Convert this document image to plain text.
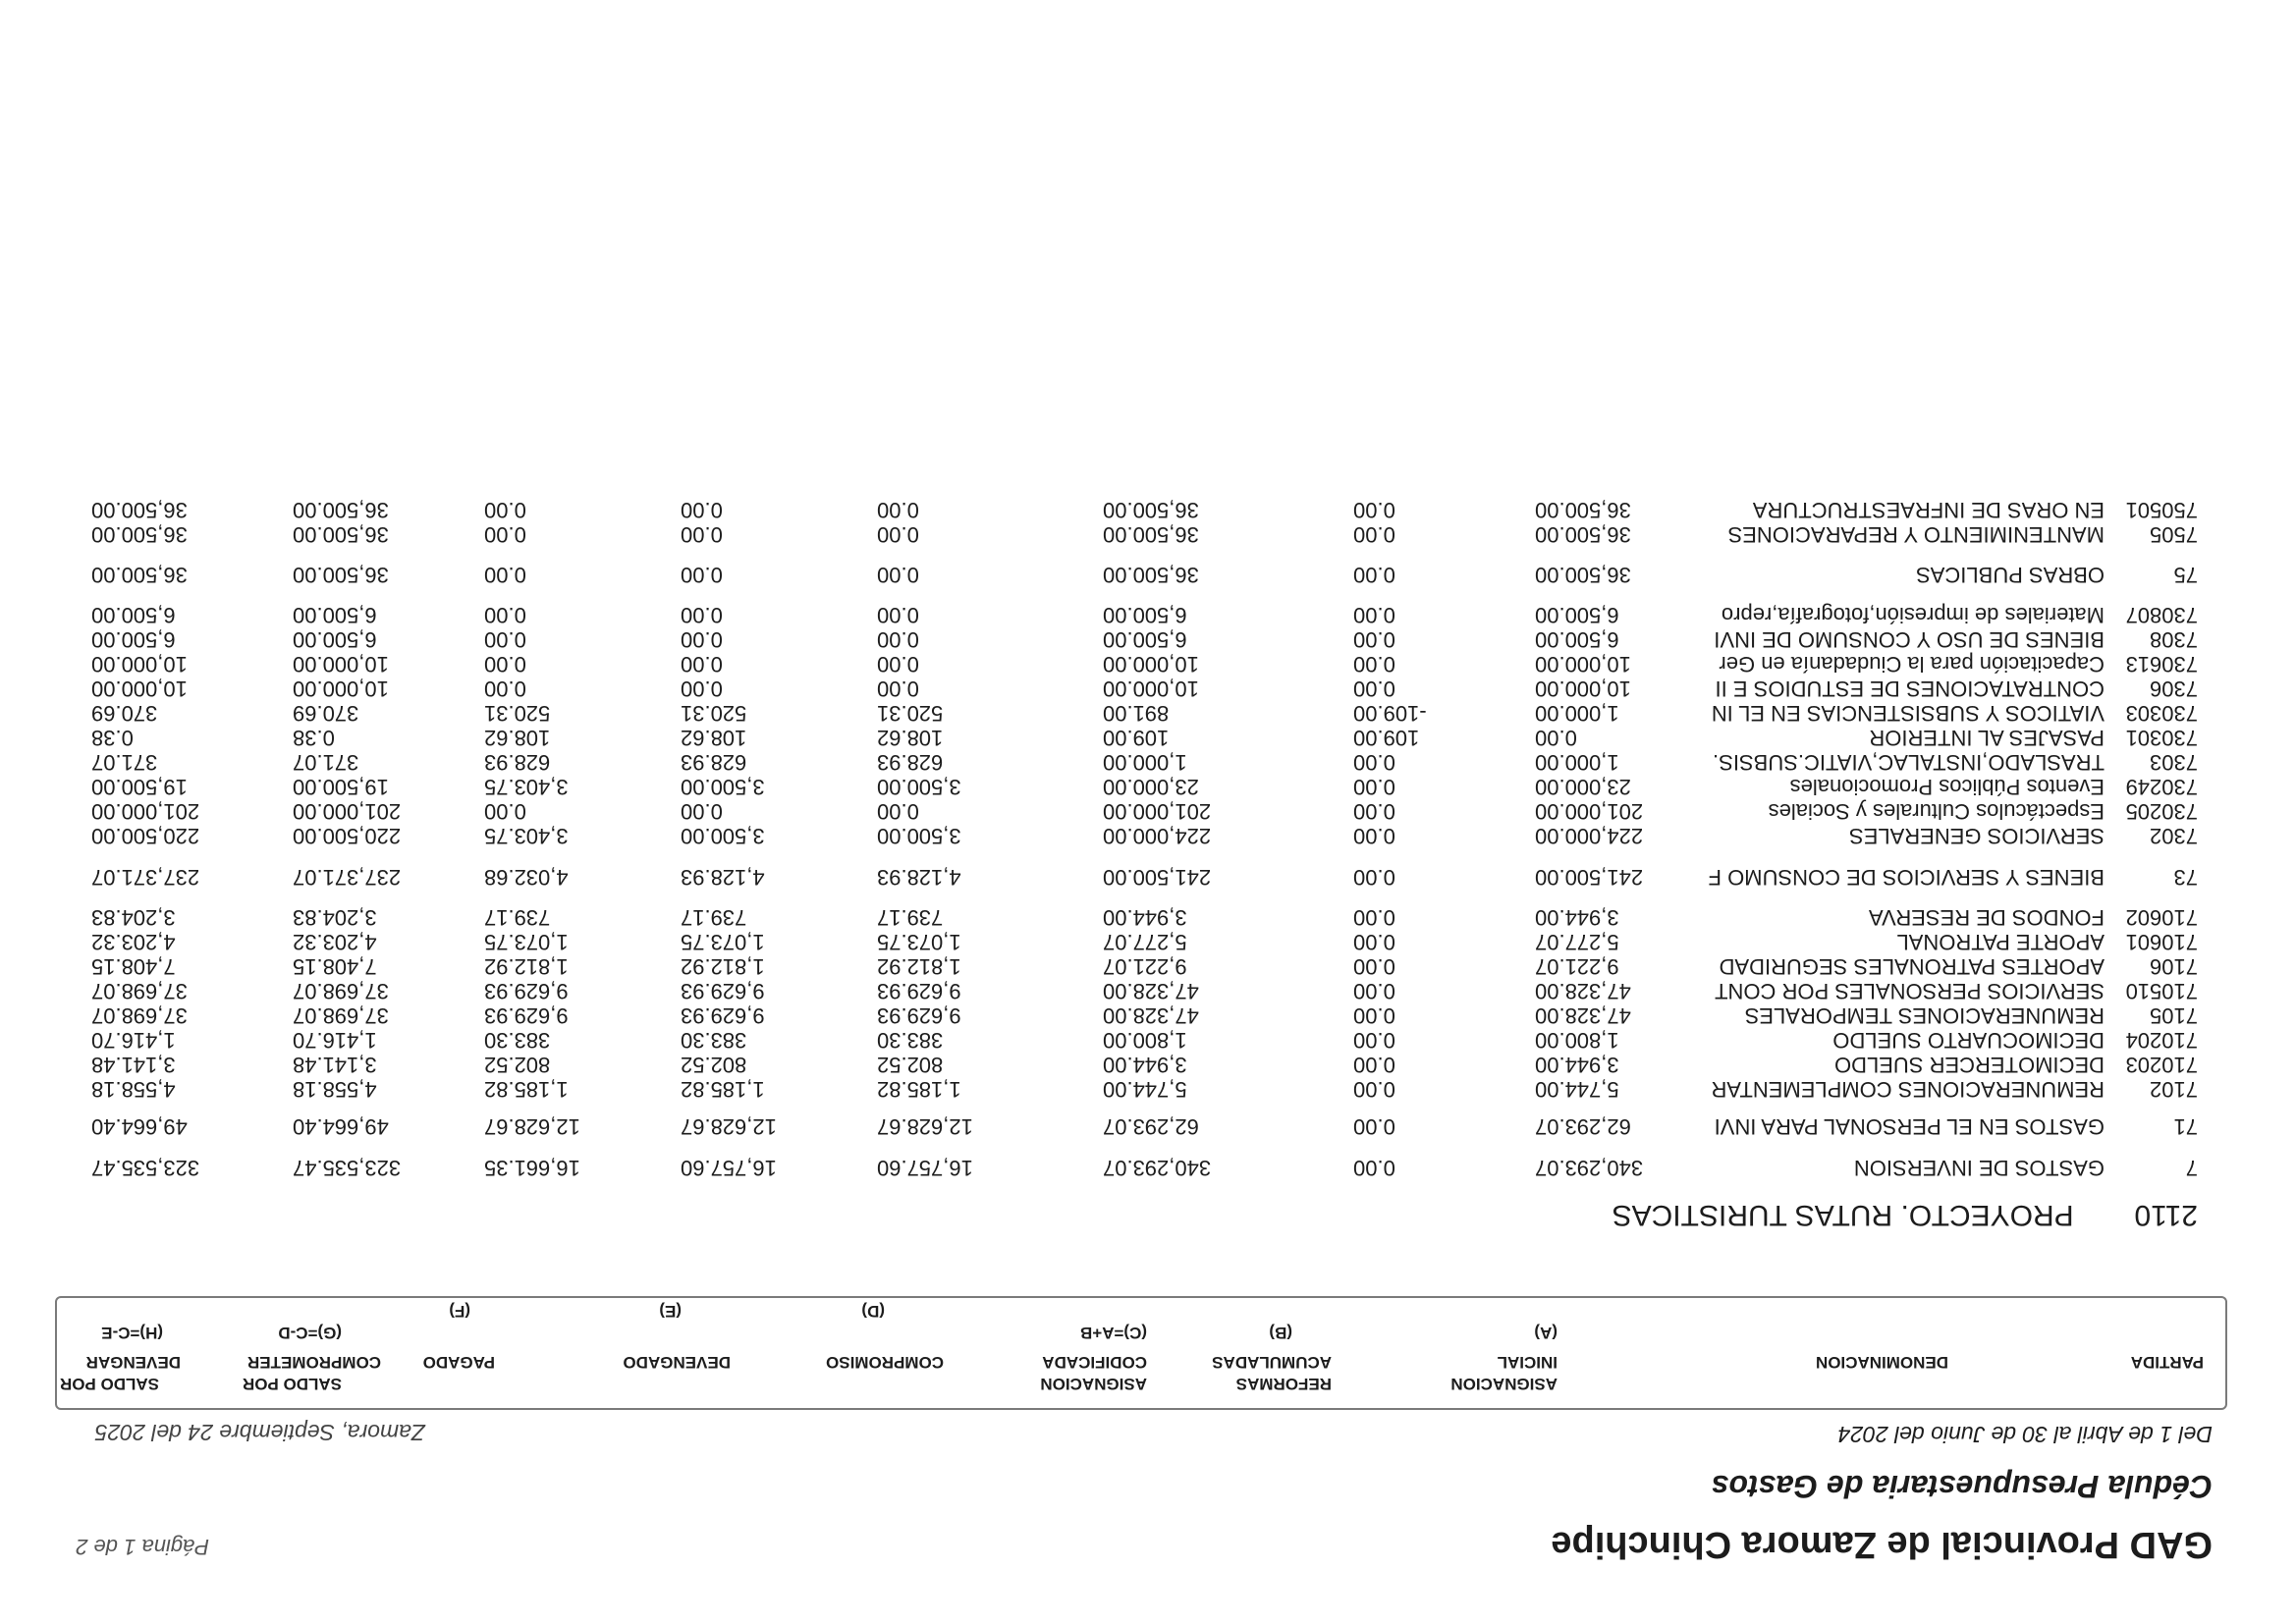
GAD Provincial de Zamora Chinchipe
Cédula Presupuestaria de Gastos
Del 1 de Abril al 30 de Junio del 2024
Zamora, Septiembre 24 del 2025
Página 1 de 2
PARTIDA
DENOMINACION
ASIGNACION
INICIAL
(A)
REFORMAS
ACUMULADAS
(B)
ASIGNACION
CODIFICADA
(C)=A+B
COMPROMISO
(D)
DEVENGADO
(E)
PAGADO
(F)
SALDO POR
COMPROMETER
(G)=C-D
SALDO POR
DEVENGAR
(H)=C-E
2110 PROYECTO. RUTAS TURISTICAS
7
GASTOS DE INVERSION
340,293.07
0.00
340,293.07
16,757.60
16,757.60
16,661.35
323,535.47
323,535.47
71
GASTOS EN EL PERSONAL PARA INVI
62,293.07
0.00
62,293.07
12,628.67
12,628.67
12,628.67
49,664.40
49,664.40
7102
REMUNERACIONES COMPLEMENTAR
5,744.00
0.00
5,744.00
1,185.82
1,185.82
1,185.82
4,558.18
4,558.18
710203
DECIMOTERCER SUELDO
3,944.00
0.00
3,944.00
802.52
802.52
802.52
3,141.48
3,141.48
710204
DECIMOCUARTO SUELDO
1,800.00
0.00
1,800.00
383.30
383.30
383.30
1,416.70
1,416.70
7105
REMUNERACIONES TEMPORALES
47,328.00
0.00
47,328.00
9,629.93
9,629.93
9,629.93
37,698.07
37,698.07
710510
SERVICIOS PERSONALES POR CONT
47,328.00
0.00
47,328.00
9,629.93
9,629.93
9,629.93
37,698.07
37,698.07
7106
APORTES PATRONALES SEGURIDAD
9,221.07
0.00
9,221.07
1,812.92
1,812.92
1,812.92
7,408.15
7,408.15
710601
APORTE PATRONAL
5,277.07
0.00
5,277.07
1,073.75
1,073.75
1,073.75
4,203.32
4,203.32
710602
FONDOS DE RESERVA
3,944.00
0.00
3,944.00
739.17
739.17
739.17
3,204.83
3,204.83
73
BIENES Y SERVICIOS DE CONSUMO F
241,500.00
0.00
241,500.00
4,128.93
4,128.93
4,032.68
237,371.07
237,371.07
7302
SERVICIOS GENERALES
224,000.00
0.00
224,000.00
3,500.00
3,500.00
3,403.75
220,500.00
220,500.00
730205
Espectáculos Culturales y Sociales
201,000.00
0.00
201,000.00
0.00
0.00
0.00
201,000.00
201,000.00
730249
Eventos Públicos Promocionales
23,000.00
0.00
23,000.00
3,500.00
3,500.00
3,403.75
19,500.00
19,500.00
7303
TRASLADO,INSTALAC,VIATIC.SUBSIS.
1,000.00
0.00
1,000.00
628.93
628.93
628.93
371.07
371.07
730301
PASAJES AL INTERIOR
0.00
109.00
109.00
108.62
108.62
108.62
0.38
0.38
730303
VIATICOS Y SUBSISTENCIAS EN EL IN
1,000.00
-109.00
891.00
520.31
520.31
520.31
370.69
370.69
7306
CONTRATACIONES DE ESTUDIOS E II
10,000.00
0.00
10,000.00
0.00
0.00
0.00
10,000.00
10,000.00
730613
Capacitación para la Ciudadanía en Ger
10,000.00
0.00
10,000.00
0.00
0.00
0.00
10,000.00
10,000.00
7308
BIENES DE USO Y CONSUMO DE INVI
6,500.00
0.00
6,500.00
0.00
0.00
0.00
6,500.00
6,500.00
730807
Materiales de impresión,fotografía,repro
6,500.00
0.00
6,500.00
0.00
0.00
0.00
6,500.00
6,500.00
75
OBRAS PUBLICAS
36,500.00
0.00
36,500.00
0.00
0.00
0.00
36,500.00
36,500.00
7505
MANTENIMIENTO Y REPARACIONES
36,500.00
0.00
36,500.00
0.00
0.00
0.00
36,500.00
36,500.00
750501
EN ORAS DE INFRAESTRUCTURA
36,500.00
0.00
36,500.00
0.00
0.00
0.00
36,500.00
36,500.00
